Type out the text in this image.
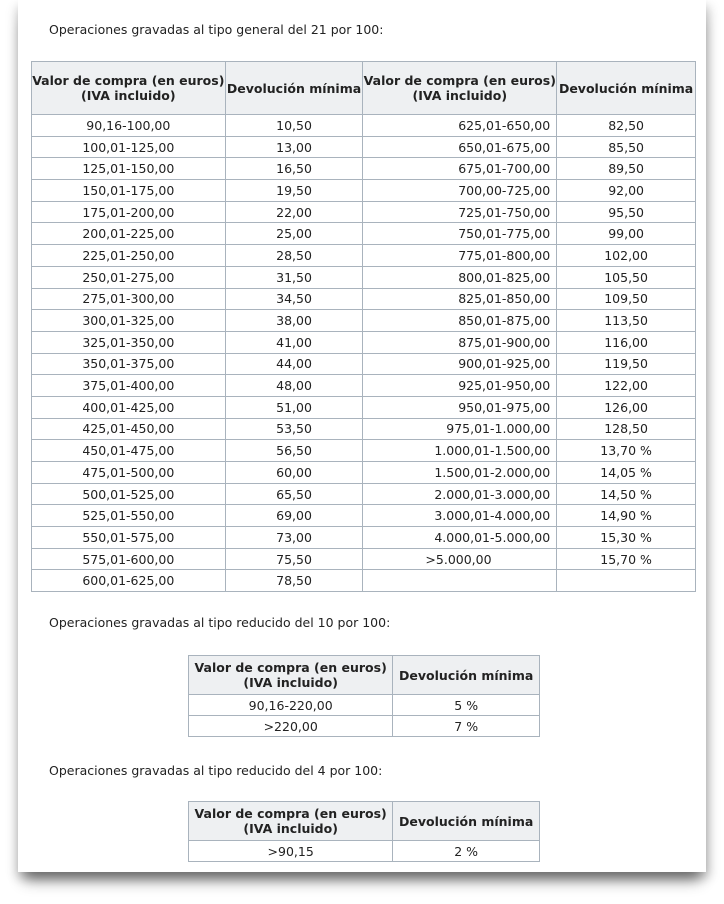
Operaciones gravadas al tipo general del 21 por 100:

Valor de compra (en euros) (IVA incluido)	Devolución mínima	Valor de compra (en euros) (IVA incluido)	Devolución mínima
90,16-100,00	10,50	625,01-650,00	82,50
100,01-125,00	13,00	650,01-675,00	85,50
125,01-150,00	16,50	675,01-700,00	89,50
150,01-175,00	19,50	700,00-725,00	92,00
175,01-200,00	22,00	725,01-750,00	95,50
200,01-225,00	25,00	750,01-775,00	99,00
225,01-250,00	28,50	775,01-800,00	102,00
250,01-275,00	31,50	800,01-825,00	105,50
275,01-300,00	34,50	825,01-850,00	109,50
300,01-325,00	38,00	850,01-875,00	113,50
325,01-350,00	41,00	875,01-900,00	116,00
350,01-375,00	44,00	900,01-925,00	119,50
375,01-400,00	48,00	925,01-950,00	122,00
400,01-425,00	51,00	950,01-975,00	126,00
425,01-450,00	53,50	975,01-1.000,00	128,50
450,01-475,00	56,50	1.000,01-1.500,00	13,70 %
475,01-500,00	60,00	1.500,01-2.000,00	14,05 %
500,01-525,00	65,50	2.000,01-3.000,00	14,50 %
525,01-550,00	69,00	3.000,01-4.000,00	14,90 %
550,01-575,00	73,00	4.000,01-5.000,00	15,30 %
575,01-600,00	75,50	>5.000,00	15,70 %
600,01-625,00	78,50		

Operaciones gravadas al tipo reducido del 10 por 100:

Valor de compra (en euros) (IVA incluido)	Devolución mínima
90,16-220,00	5 %
>220,00	7 %

Operaciones gravadas al tipo reducido del 4 por 100:

Valor de compra (en euros) (IVA incluido)	Devolución mínima
>90,15	2 %
